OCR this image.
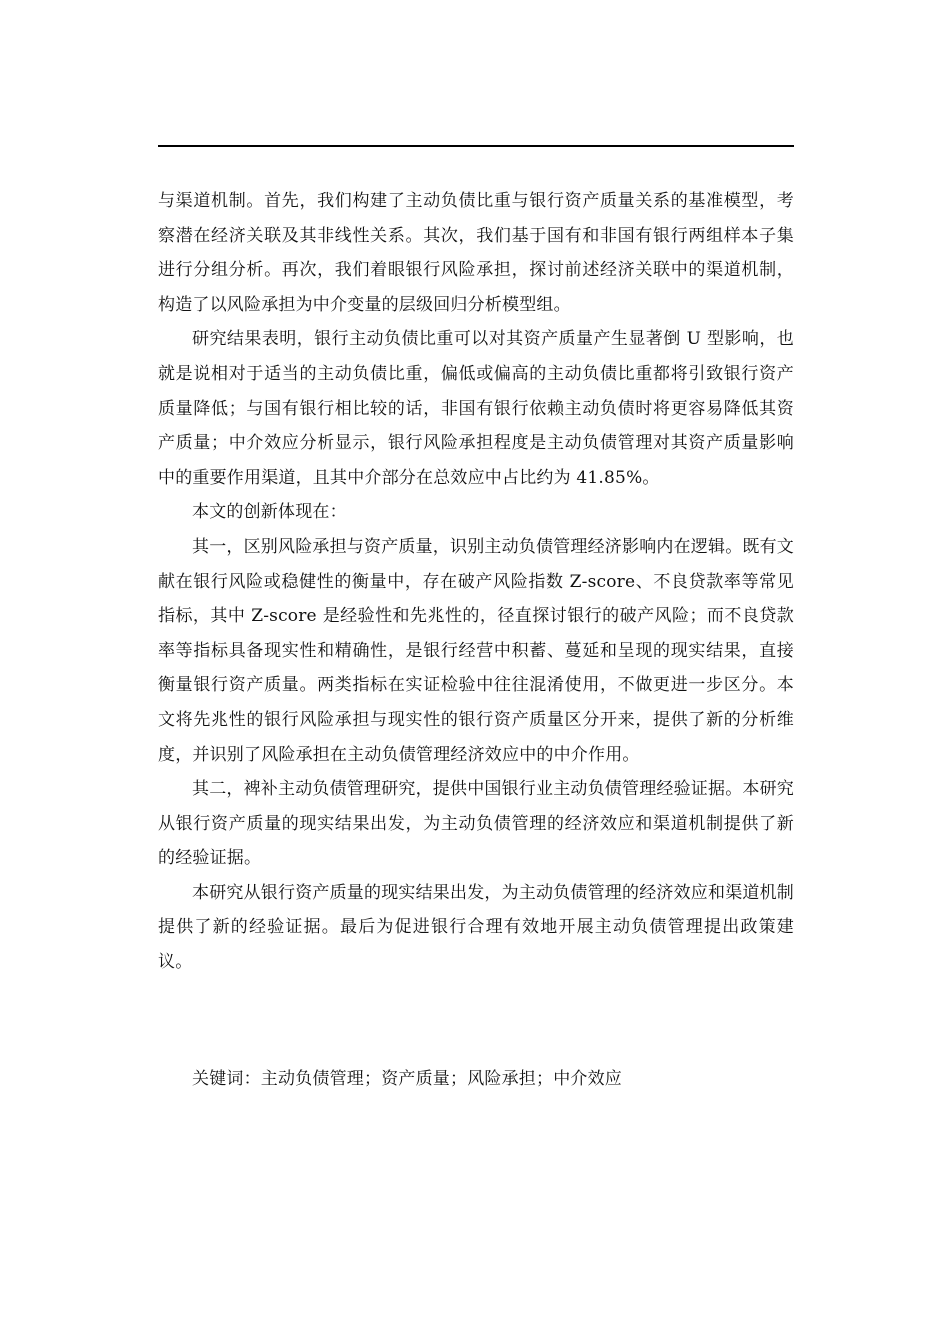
与渠道机制。首先，我们构建了主动负债比重与银行资产质量关系的基准模型，考察潜在经济关联及其非线性关系。其次，我们基于国有和非国有银行两组样本子集进行分组分析。再次，我们着眼银行风险承担，探讨前述经济关联中的渠道机制，构造了以风险承担为中介变量的层级回归分析模型组。

研究结果表明，银行主动负债比重可以对其资产质量产生显著倒 U 型影响，也就是说相对于适当的主动负债比重，偏低或偏高的主动负债比重都将引致银行资产质量降低；与国有银行相比较的话，非国有银行依赖主动负债时将更容易降低其资产质量；中介效应分析显示，银行风险承担程度是主动负债管理对其资产质量影响中的重要作用渠道，且其中介部分在总效应中占比约为 41.85%。

本文的创新体现在：

其一，区别风险承担与资产质量，识别主动负债管理经济影响内在逻辑。既有文献在银行风险或稳健性的衡量中，存在破产风险指数 Z-score、不良贷款率等常见指标，其中 Z-score 是经验性和先兆性的，径直探讨银行的破产风险；而不良贷款率等指标具备现实性和精确性，是银行经营中积蓄、蔓延和呈现的现实结果，直接衡量银行资产质量。两类指标在实证检验中往往混淆使用，不做更进一步区分。本文将先兆性的银行风险承担与现实性的银行资产质量区分开来，提供了新的分析维度，并识别了风险承担在主动负债管理经济效应中的中介作用。

其二，裨补主动负债管理研究，提供中国银行业主动负债管理经验证据。本研究从银行资产质量的现实结果出发，为主动负债管理的经济效应和渠道机制提供了新的经验证据。

本研究从银行资产质量的现实结果出发，为主动负债管理的经济效应和渠道机制提供了新的经验证据。最后为促进银行合理有效地开展主动负债管理提出政策建议。

关键词：主动负债管理；资产质量；风险承担；中介效应
